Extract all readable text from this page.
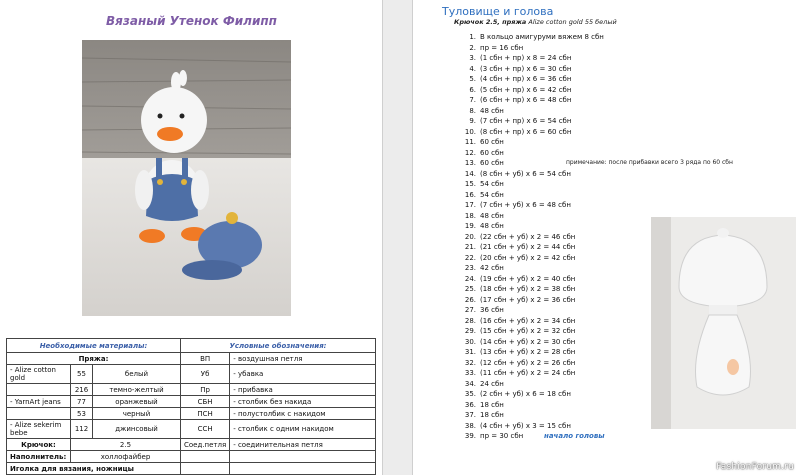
Вязаный Утенок Филипп
Необходимые материалы:			Условные обозначения:	
Пряжа:			ВП	- воздушная петля
- Alize cotton gold	55	белый	Уб	- убавка
	216	темно-желтый	Пр	- прибавка
- YarnArt jeans	77	оранжевый	СБН	- столбик без накида
	53	черный	ПСН	- полустолбик с накидом
- Alize sekerim bebe	112	джинсовый	ССН	- столбик с одним накидом
Крючок:	2.5		Соед.петля	- соединительная петля
Наполнитель:	холлофайбер			
Иголка для вязания, ножницы				
Туловище и голова
Крючок 2.5, пряжа Alize cotton gold 55 белый
1. В кольцо амигуруми вяжем 8 сбн
2. пр = 16 сбн
3. (1 сбн + пр) x 8 = 24 сбн
4. (3 сбн + пр) x 6 = 30 сбн
5. (4 сбн + пр) x 6 = 36 сбн
6. (5 сбн + пр) x 6 = 42 сбн
7. (6 сбн + пр) x 6 = 48 сбн
8. 48 сбн
9. (7 сбн + пр) x 6 = 54 сбн
10. (8 сбн + пр) x 6 = 60 сбн
11. 60 сбн
12. 60 сбн
13. 60 сбн	примечание: после прибавки всего 3 ряда по 60 сбн
14. (8 сбн + уб) x 6 = 54 сбн
15. 54 сбн
16. 54 сбн
17. (7 сбн + уб) x 6 = 48 сбн
18. 48 сбн
19. 48 сбн
20. (22 сбн + уб) x 2 = 46 сбн
21. (21 сбн + уб) x 2 = 44 сбн
22. (20 сбн + уб) x 2 = 42 сбн
23. 42 сбн
24. (19 сбн + уб) x 2 = 40 сбн
25. (18 сбн + уб) x 2 = 38 сбн
26. (17 сбн + уб) x 2 = 36 сбн
27. 36 сбн
28. (16 сбн + уб) x 2 = 34 сбн
29. (15 сбн + уб) x 2 = 32 сбн
30. (14 сбн + уб) x 2 = 30 сбн
31. (13 сбн + уб) x 2 = 28 сбн
32. (12 сбн + уб) x 2 = 26 сбн
33. (11 сбн + уб) x 2 = 24 сбн
34. 24 сбн
35. (2 сбн + уб) x 6 = 18 сбн
36. 18 сбн
37. 18 сбн
38. (4 сбн + уб) x 3 = 15 сбн
39. пр = 30 сбн	начало головы
FashionForum.ru
